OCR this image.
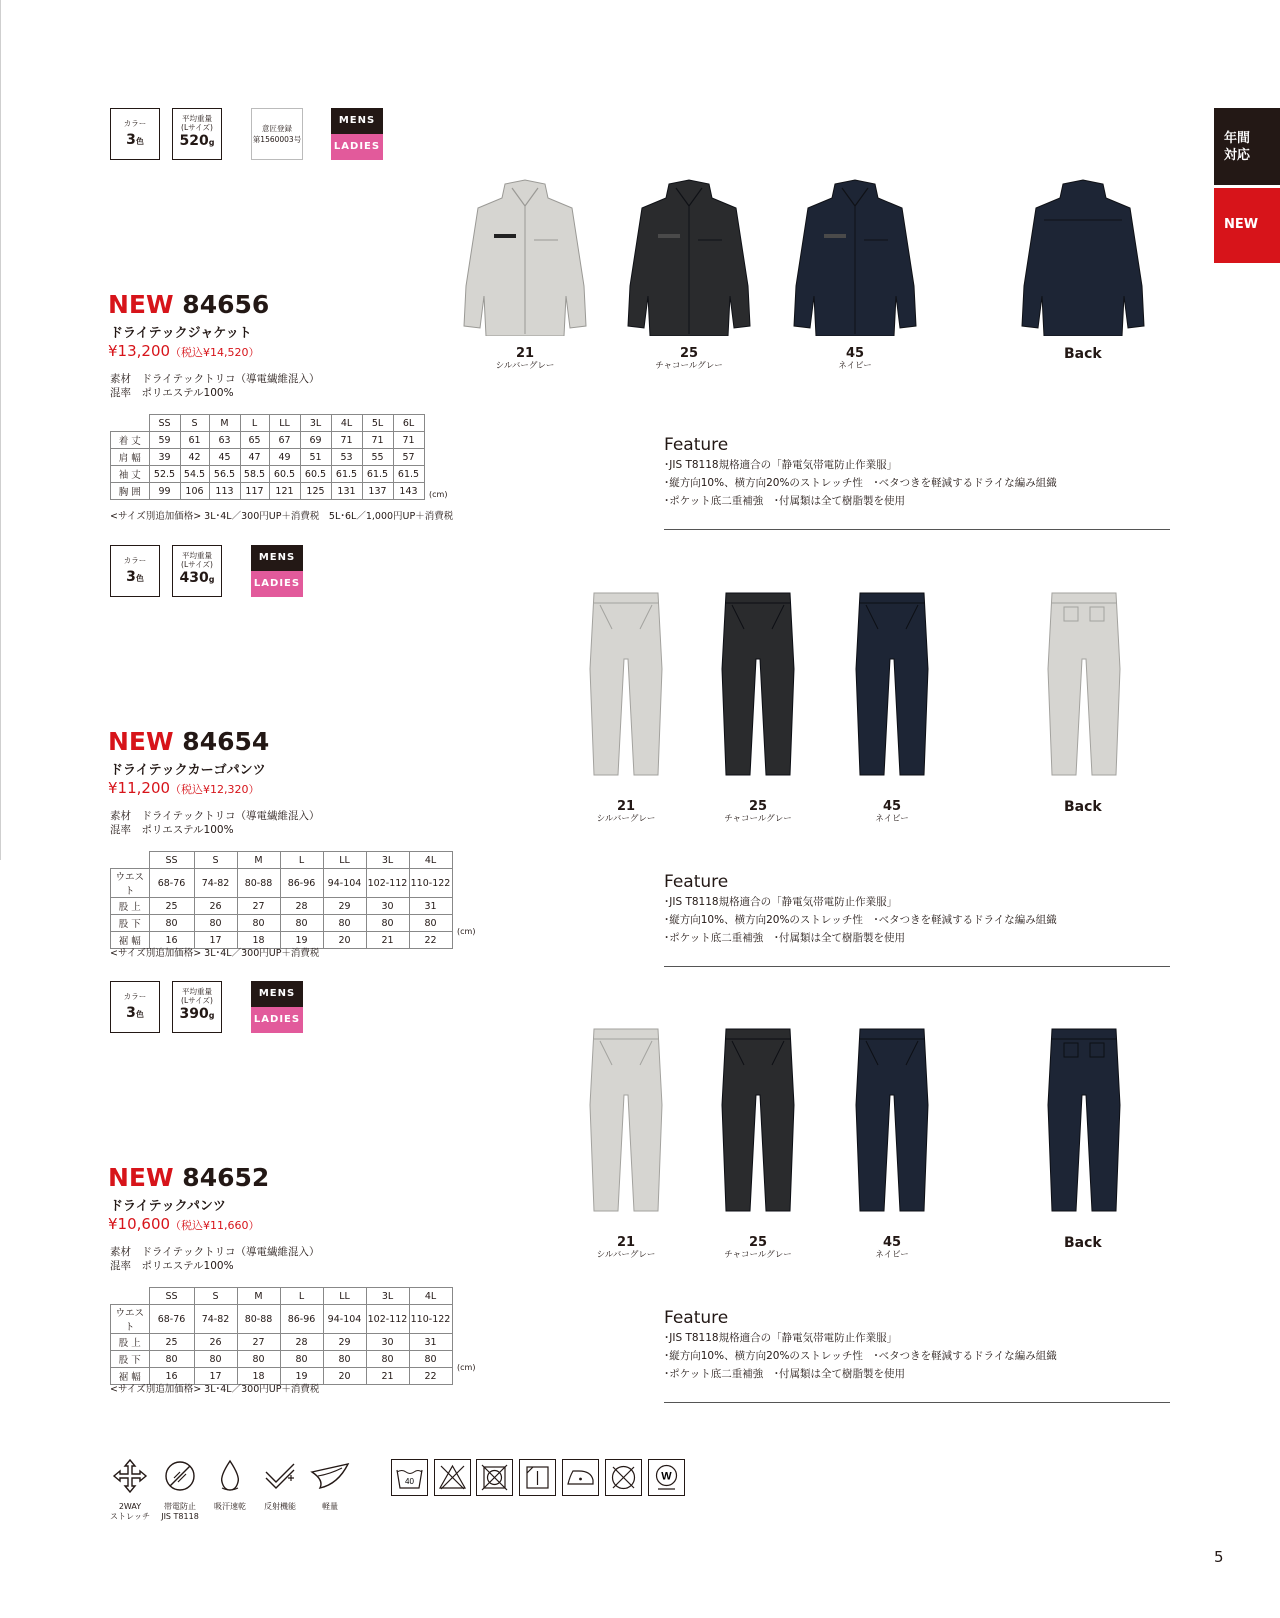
年間
対応
NEW
カラー
3色
平均重量
(Lサイズ)
520g
意匠登録
第1560003号
MENS
LADIES
NEW 84656
ドライテックジャケット
¥13,200（税込¥14,520）
素材　ドライテックトリコ（導電繊維混入）
混率　ポリエステル100%
	SS	S	M	L	LL	3L	4L	5L	6L
着 丈	59	61	63	65	67	69	71	71	71
肩 幅	39	42	45	47	49	51	53	55	57
袖 丈	52.5	54.5	56.5	58.5	60.5	60.5	61.5	61.5	61.5
胸 囲	99	106	113	117	121	125	131	137	143 (cm)
<サイズ別追加価格> 3L･4L／300円UP＋消費税　5L･6L／1,000円UP＋消費税
Feature

･JIS T8118規格適合の「静電気帯電防止作業服」

･縦方向10%、横方向20%のストレッチ性　･ベタつきを軽減するドライな編み組織

･ポケット底二重補強　･付属類は全て樹脂製を使用

21
シルバーグレー
25
チャコールグレー
45
ネイビー
Back
カラー
3色
平均重量
(Lサイズ)
430g
MENS
LADIES
NEW 84654
ドライテックカーゴパンツ
¥11,200（税込¥12,320）
素材　ドライテックトリコ（導電繊維混入）
混率　ポリエステル100%
	SS	S	M	L	LL	3L	4L
ウエスト	68-76	74-82	80-88	86-96	94-104	102-112	110-122
股 上	25	26	27	28	29	30	31
股 下	80	80	80	80	80	80	80
裾 幅	16	17	18	19	20	21	22
(cm)
<サイズ別追加価格> 3L･4L／300円UP＋消費税
Feature

･JIS T8118規格適合の「静電気帯電防止作業服」

･縦方向10%、横方向20%のストレッチ性　･ベタつきを軽減するドライな編み組織

･ポケット底二重補強　･付属類は全て樹脂製を使用

21
シルバーグレー
25
チャコールグレー
45
ネイビー
Back
カラー
3色
平均重量
(Lサイズ)
390g
MENS
LADIES
NEW 84652
ドライテックパンツ
¥10,600（税込¥11,660）
素材　ドライテックトリコ（導電繊維混入）
混率　ポリエステル100%
	SS	S	M	L	LL	3L	4L
ウエスト	68-76	74-82	80-88	86-96	94-104	102-112	110-122
股 上	25	26	27	28	29	30	31
股 下	80	80	80	80	80	80	80
裾 幅	16	17	18	19	20	21	22
(cm)
<サイズ別追加価格> 3L･4L／300円UP＋消費税
Feature

･JIS T8118規格適合の「静電気帯電防止作業服」

･縦方向10%、横方向20%のストレッチ性　･ベタつきを軽減するドライな編み組織

･ポケット底二重補強　･付属類は全て樹脂製を使用

21
シルバーグレー
25
チャコールグレー
45
ネイビー
Back
2WAY
ストレッチ
帯電防止
JIS T8118
吸汗速乾	反射機能	軽量
40	W
5
